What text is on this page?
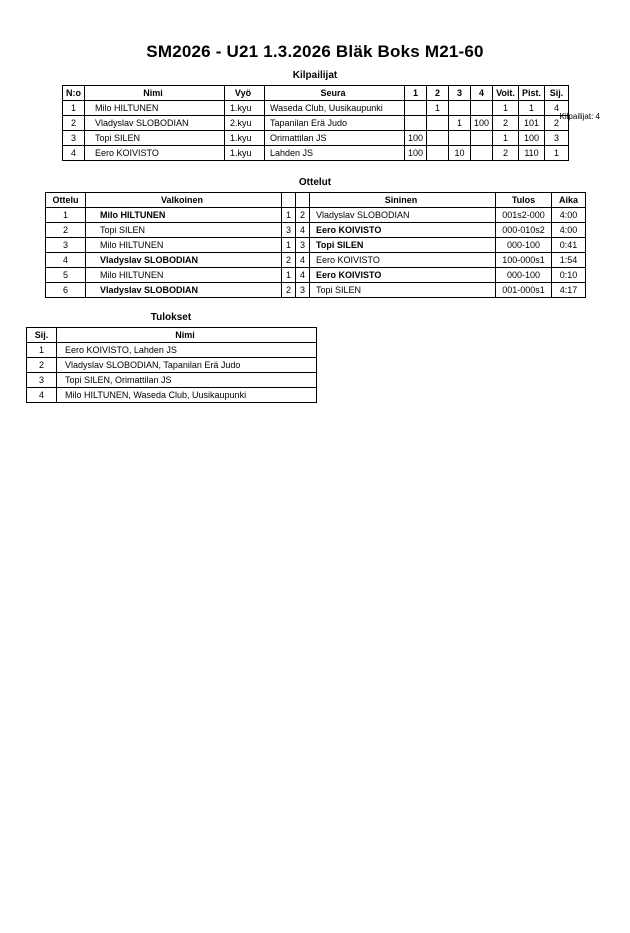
SM2026 - U21 1.3.2026 Bläk Boks M21-60
Kilpailijat
Kilpailijat: 4
N:o	Nimi	Vyö	Seura	1	2	3	4	Voit.	Pist.	Sij.
1	Milo HILTUNEN	1.kyu	Waseda Club, Uusikaupunki		1			1	1	4
2	Vladyslav SLOBODIAN	2.kyu	Tapanilan Erä Judo			1	100	2	101	2
3	Topi SILEN	1.kyu	Orimattilan JS	100				1	100	3
4	Eero KOIVISTO	1.kyu	Lahden JS	100		10		2	110	1
Ottelut
Ottelu	Valkoinen			Sininen	Tulos	Aika
1	Milo HILTUNEN	1	2	Vladyslav SLOBODIAN	001s2-000	4:00
2	Topi SILEN	3	4	Eero KOIVISTO	000-010s2	4:00
3	Milo HILTUNEN	1	3	Topi SILEN	000-100	0:41
4	Vladyslav SLOBODIAN	2	4	Eero KOIVISTO	100-000s1	1:54
5	Milo HILTUNEN	1	4	Eero KOIVISTO	000-100	0:10
6	Vladyslav SLOBODIAN	2	3	Topi SILEN	001-000s1	4:17
Tulokset
Sij.	Nimi
1	Eero KOIVISTO, Lahden JS
2	Vladyslav SLOBODIAN, Tapanilan Erä Judo
3	Topi SILEN, Orimattilan JS
4	Milo HILTUNEN, Waseda Club, Uusikaupunki
